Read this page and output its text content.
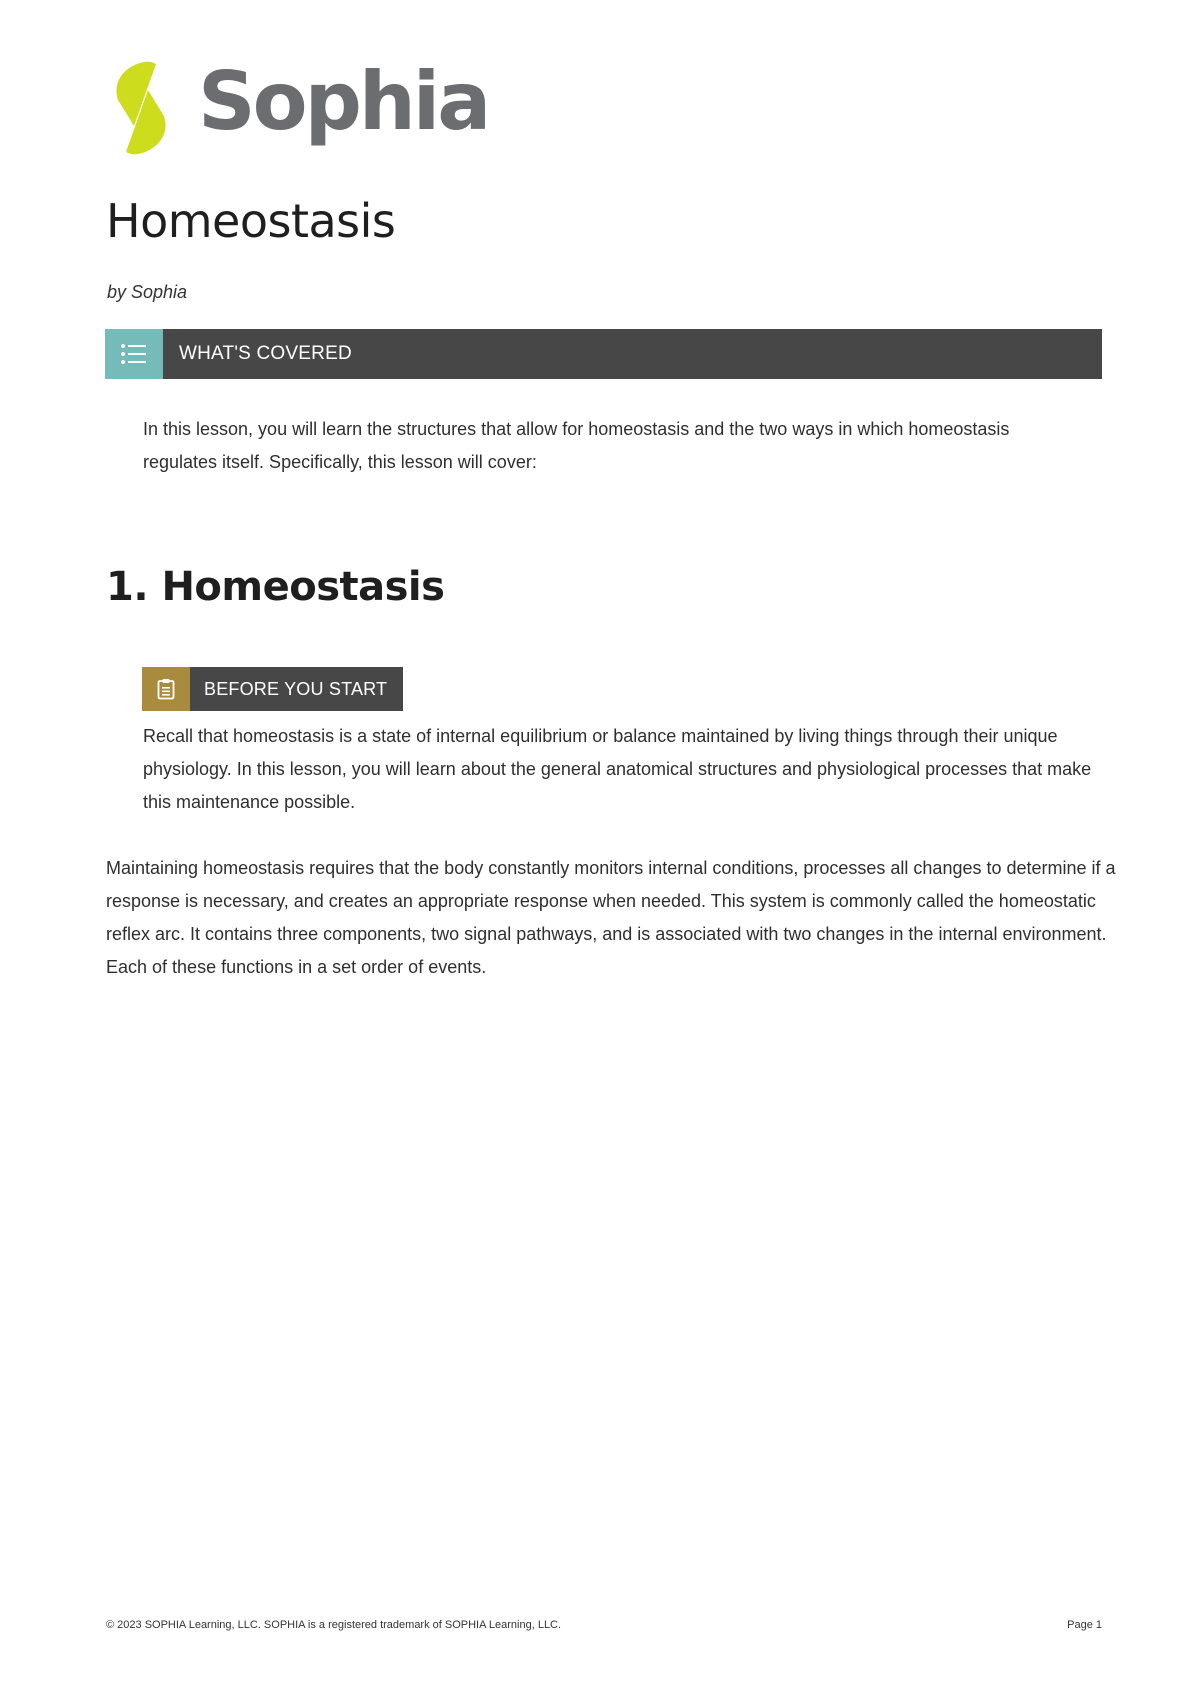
Sophia
Homeostasis
by Sophia
WHAT'S COVERED

In this lesson, you will learn the structures that allow for homeostasis and the two ways in which homeostasis regulates itself. Specifically, this lesson will cover:

1. Homeostasis
BEFORE YOU START

Recall that homeostasis is a state of internal equilibrium or balance maintained by living things through their unique physiology. In this lesson, you will learn about the general anatomical structures and physiological processes that make this maintenance possible.

Maintaining homeostasis requires that the body constantly monitors internal conditions, processes all changes to determine if a response is necessary, and creates an appropriate response when needed. This system is commonly called the homeostatic reflex arc. It contains three components, two signal pathways, and is associated with two changes in the internal environment. Each of these functions in a set order of events.

© 2023 SOPHIA Learning, LLC. SOPHIA is a registered trademark of SOPHIA Learning, LLC.	Page 1
